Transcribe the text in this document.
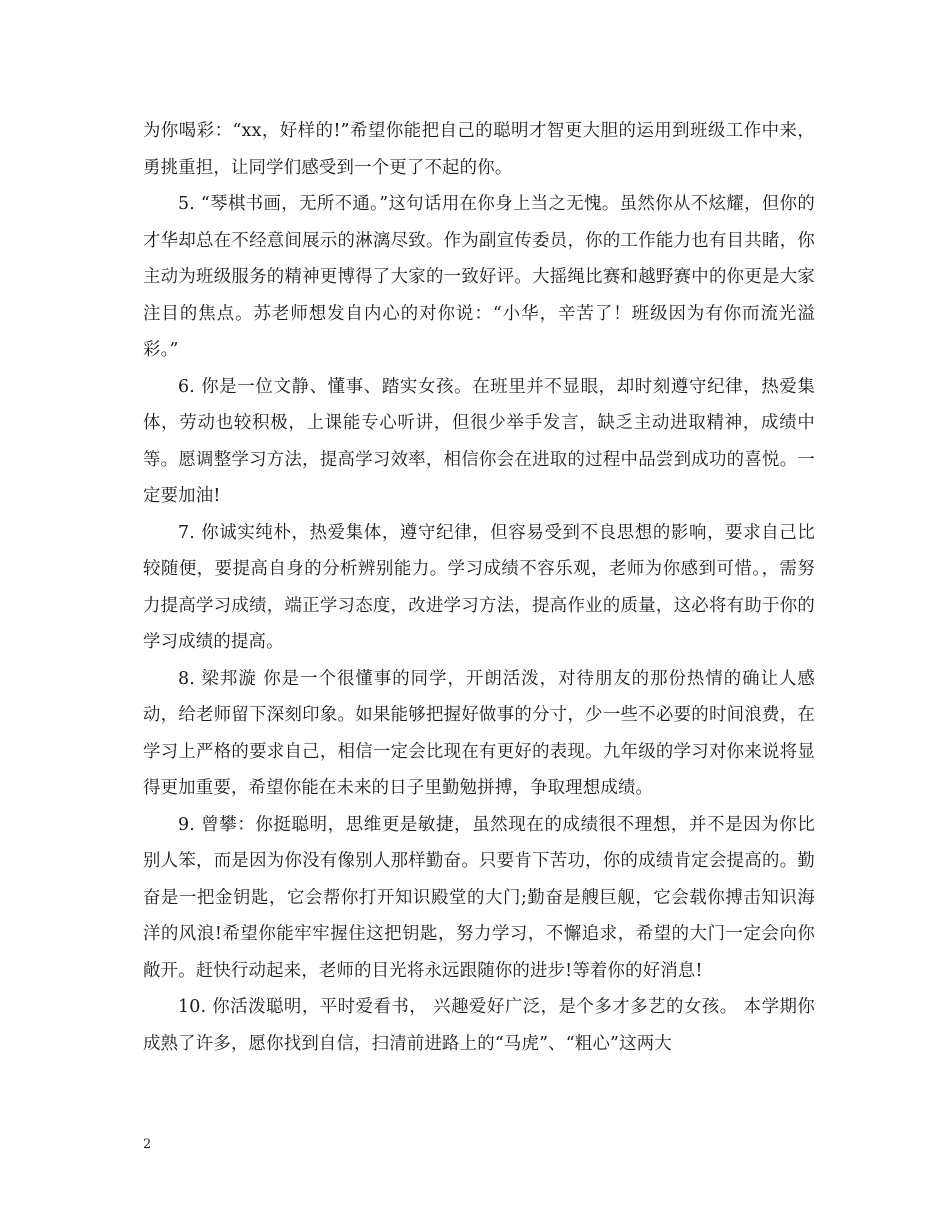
为你喝彩：“xx，好样的!”希望你能把自己的聪明才智更大胆的运用到班级工作中来，勇挑重担，让同学们感受到一个更了不起的你。

5. “琴棋书画，无所不通。”这句话用在你身上当之无愧。虽然你从不炫耀，但你的才华却总在不经意间展示的淋漓尽致。作为副宣传委员，你的工作能力也有目共睹，你主动为班级服务的精神更博得了大家的一致好评。大摇绳比赛和越野赛中的你更是大家注目的焦点。苏老师想发自内心的对你说：“小华，辛苦了！班级因为有你而流光溢彩。”

6. 你是一位文静、懂事、踏实女孩。在班里并不显眼，却时刻遵守纪律，热爱集体，劳动也较积极，上课能专心听讲，但很少举手发言，缺乏主动进取精神，成绩中等。愿调整学习方法，提高学习效率，相信你会在进取的过程中品尝到成功的喜悦。一定要加油!

7. 你诚实纯朴，热爱集体，遵守纪律，但容易受到不良思想的影响，要求自己比较随便，要提高自身的分析辨别能力。学习成绩不容乐观，老师为你感到可惜。，需努力提高学习成绩，端正学习态度，改进学习方法，提高作业的质量，这必将有助于你的学习成绩的提高。

8. 梁邦漩 你是一个很懂事的同学，开朗活泼，对待朋友的那份热情的确让人感动，给老师留下深刻印象。如果能够把握好做事的分寸，少一些不必要的时间浪费，在学习上严格的要求自己，相信一定会比现在有更好的表现。九年级的学习对你来说将显得更加重要，希望你能在未来的日子里勤勉拼搏，争取理想成绩。

9. 曾攀：你挺聪明，思维更是敏捷，虽然现在的成绩很不理想，并不是因为你比别人笨，而是因为你没有像别人那样勤奋。只要肯下苦功，你的成绩肯定会提高的。勤奋是一把金钥匙，它会帮你打开知识殿堂的大门;勤奋是艘巨舰，它会载你搏击知识海洋的风浪!希望你能牢牢握住这把钥匙，努力学习，不懈追求，希望的大门一定会向你敞开。赶快行动起来，老师的目光将永远跟随你的进步!等着你的好消息!

10. 你活泼聪明，平时爱看书， 兴趣爱好广泛，是个多才多艺的女孩。 本学期你成熟了许多，愿你找到自信，扫清前进路上的“马虎”、“粗心”这两大

2
